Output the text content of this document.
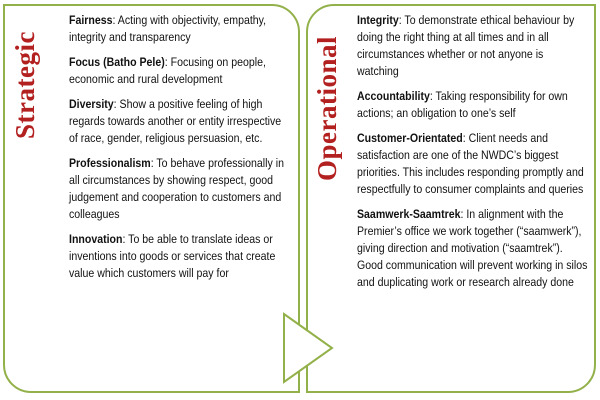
Strategic	Operational
Fairness: Acting with objectivity, empathy, integrity and transparency
Focus (Batho Pele): Focusing on people, economic and rural development
Diversity: Show a positive feeling of high regards towards another or entity irrespective of race, gender, religious persuasion, etc.
Professionalism: To behave professionally in all circumstances by showing respect, good judgement and cooperation to customers and colleagues
Innovation: To be able to translate ideas or inventions into goods or services that create value which customers will pay for
Integrity: To demonstrate ethical behaviour by doing the right thing at all times and in all circumstances whether or not anyone is watching
Accountability: Taking responsibility for own actions; an obligation to one’s self
Customer-Orientated: Client needs and satisfaction are one of the NWDC’s biggest priorities. This includes responding promptly and respectfully to consumer complaints and queries
Saamwerk-Saamtrek: In alignment with the Premier’s office we work together (“saamwerk”), giving direction and motivation (“saamtrek”). Good communication will prevent working in silos and duplicating work or research already done
